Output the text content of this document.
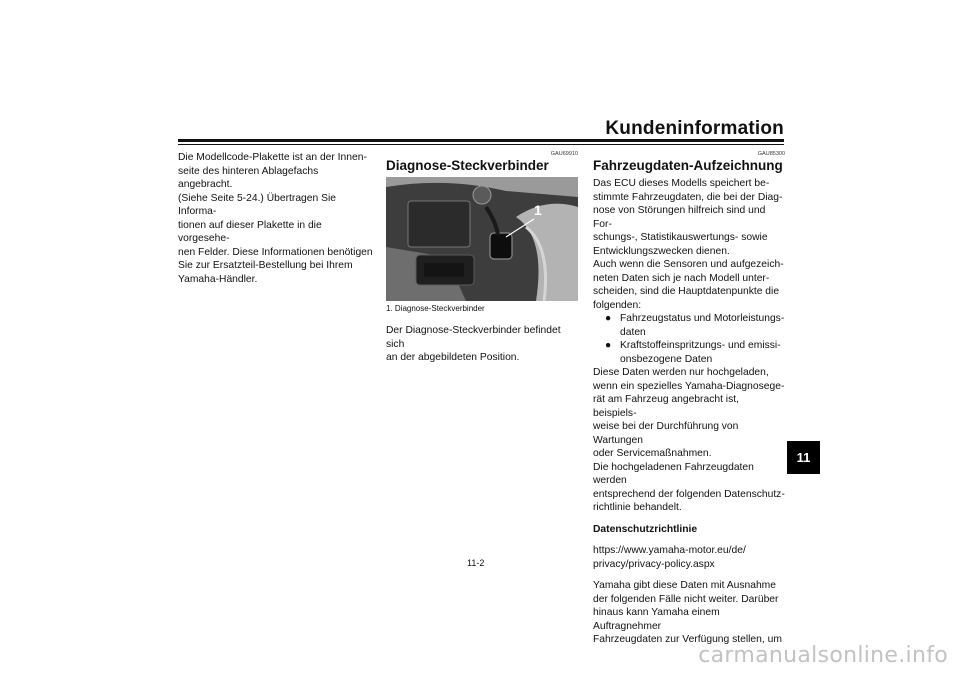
Kundeninformation

Die Modellcode-Plakette ist an der Innen-

seite des hinteren Ablagefachs angebracht.

(Siehe Seite 5-24.) Übertragen Sie Informa-

tionen auf dieser Plakette in die vorgesehe-

nen Felder. Diese Informationen benötigen

Sie zur Ersatzteil-Bestellung bei Ihrem

Yamaha-Händler.

GAU69910
Diagnose-Steckverbinder
1
1. Diagnose-Steckverbinder

Der Diagnose-Steckverbinder befindet sich

an der abgebildeten Position.

GAU85300
Fahrzeugdaten-Aufzeichnung

Das ECU dieses Modells speichert be-

stimmte Fahrzeugdaten, die bei der Diag-

nose von Störungen hilfreich sind und For-

schungs-, Statistikauswertungs- sowie

Entwicklungszwecken dienen.

Auch wenn die Sensoren und aufgezeich-

neten Daten sich je nach Modell unter-

scheiden, sind die Hauptdatenpunkte die

folgenden:

● Fahrzeugstatus und Motorleistungs-

daten

● Kraftstoffeinspritzungs- und emissi-

onsbezogene Daten

Diese Daten werden nur hochgeladen,

wenn ein spezielles Yamaha-Diagnosege-

rät am Fahrzeug angebracht ist, beispiels-

weise bei der Durchführung von Wartungen

oder Servicemaßnahmen.

Die hochgeladenen Fahrzeugdaten werden

entsprechend der folgenden Datenschutz-

richtlinie behandelt.

Datenschutzrichtlinie

https://www.yamaha-motor.eu/de/

privacy/privacy-policy.aspx

Yamaha gibt diese Daten mit Ausnahme

der folgenden Fälle nicht weiter. Darüber

hinaus kann Yamaha einem Auftragnehmer

Fahrzeugdaten zur Verfügung stellen, um

11
11-2
carmanualsonline.info
